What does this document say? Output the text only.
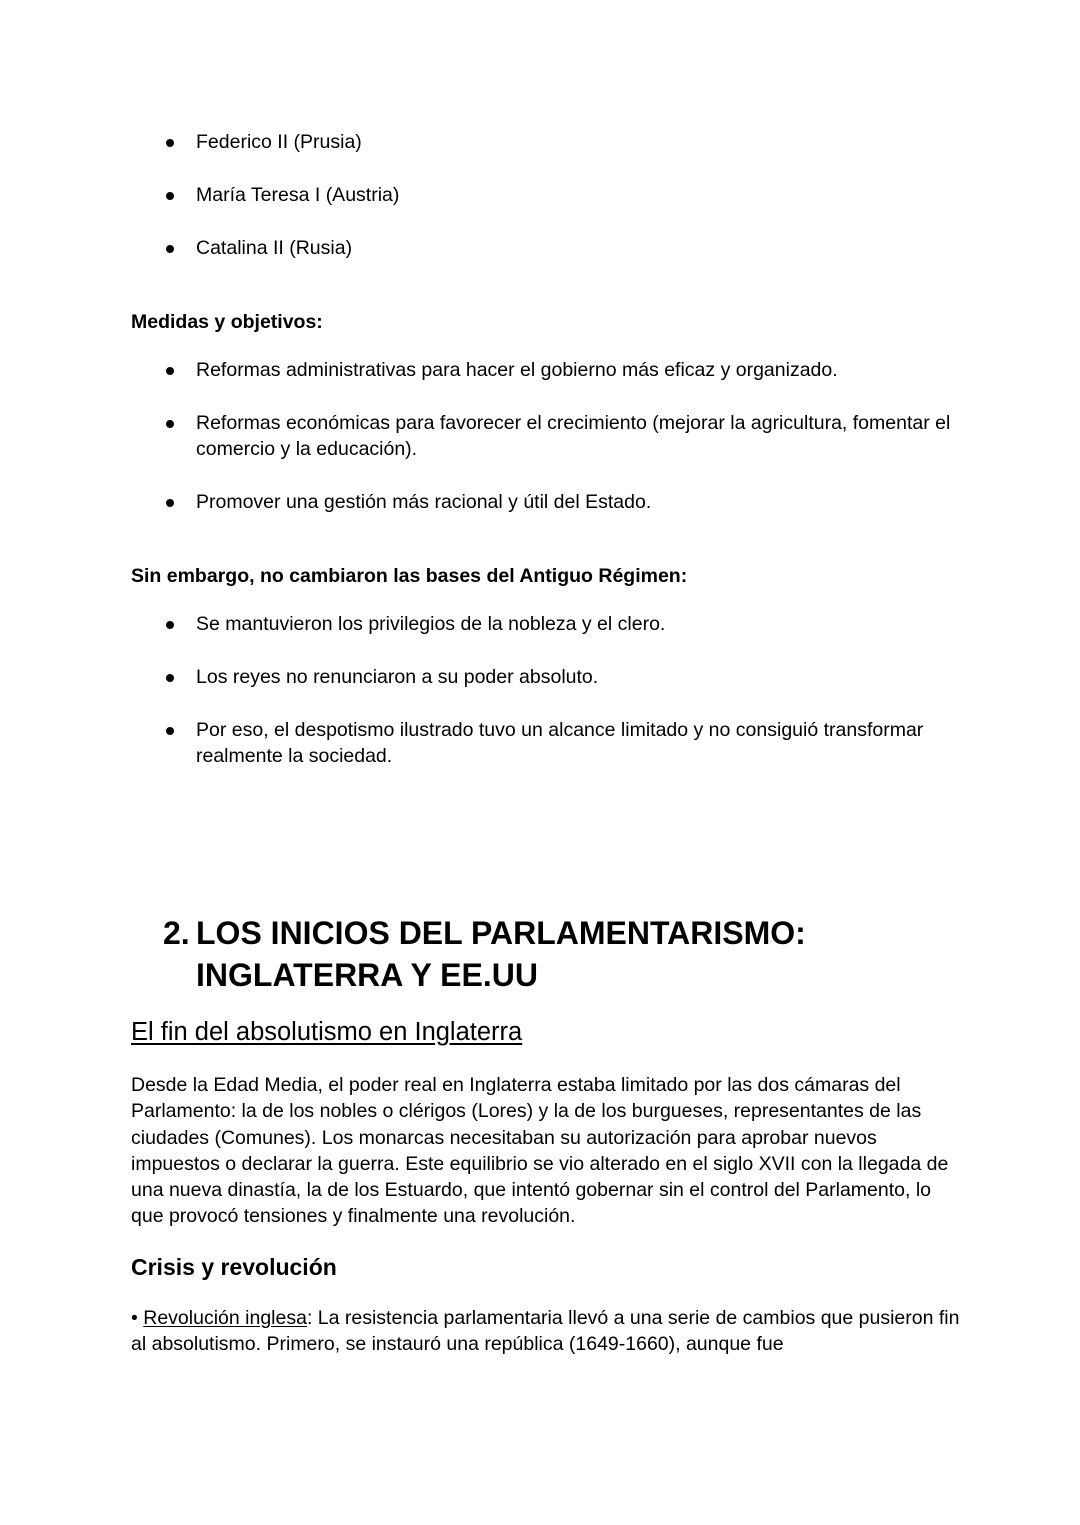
Federico II (Prusia)
María Teresa I (Austria)
Catalina II (Rusia)

Medidas y objetivos:

Reformas administrativas para hacer el gobierno más eficaz y organizado.
Reformas económicas para favorecer el crecimiento (mejorar la agricultura, fomentar el comercio y la educación).
Promover una gestión más racional y útil del Estado.

Sin embargo, no cambiaron las bases del Antiguo Régimen:

Se mantuvieron los privilegios de la nobleza y el clero.
Los reyes no renunciaron a su poder absoluto.
Por eso, el despotismo ilustrado tuvo un alcance limitado y no consiguió transformar realmente la sociedad.
2. LOS INICIOS DEL PARLAMENTARISMO: INGLATERRA Y EE.UU
El fin del absolutismo en Inglaterra

Desde la Edad Media, el poder real en Inglaterra estaba limitado por las dos cámaras del Parlamento: la de los nobles o clérigos (Lores) y la de los burgueses, representantes de las ciudades (Comunes). Los monarcas necesitaban su autorización para aprobar nuevos impuestos o declarar la guerra. Este equilibrio se vio alterado en el siglo XVII con la llegada de una nueva dinastía, la de los Estuardo, que intentó gobernar sin el control del Parlamento, lo que provocó tensiones y finalmente una revolución.

Crisis y revolución

• Revolución inglesa: La resistencia parlamentaria llevó a una serie de cambios que pusieron fin al absolutismo. Primero, se instauró una república (1649-1660), aunque fue
